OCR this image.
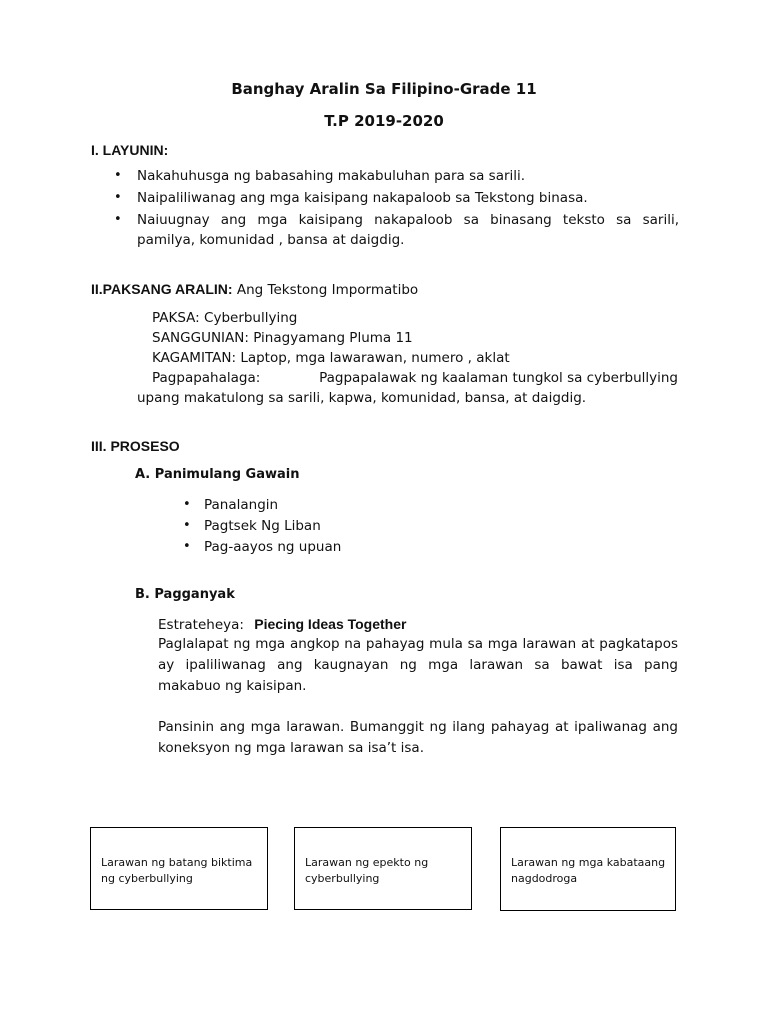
Banghay Aralin Sa Filipino-Grade 11
T.P 2019-2020
I. LAYUNIN:
• Nakahuhusga ng babasahing makabuluhan para sa sarili.
• Naipaliliwanag ang mga kaisipang nakapaloob sa Tekstong binasa.
• Naiuugnay ang mga kaisipang nakapaloob sa binasang teksto sa sarili,
pamilya, komunidad , bansa at daigdig.
II.PAKSANG ARALIN: Ang Tekstong Impormatibo
PAKSA: Cyberbullying
SANGGUNIAN: Pinagyamang Pluma 11
KAGAMITAN: Laptop, mga lawarawan, numero , aklat
Pagpapahalaga:	Pagpapalawak ng kaalaman tungkol sa cyberbullying
upang makatulong sa sarili, kapwa, komunidad, bansa, at daigdig.
III. PROSESO
A. Panimulang Gawain
• Panalangin
• Pagtsek Ng Liban
• Pag-aayos ng upuan
B. Pagganyak
Estrateheya: Piecing Ideas Together
Paglalapat ng mga angkop na pahayag mula sa mga larawan at pagkatapos
ay ipaliliwanag ang kaugnayan ng mga larawan sa bawat isa pang
makabuo ng kaisipan.
Pansinin ang mga larawan. Bumanggit ng ilang pahayag at ipaliwanag ang
koneksyon ng mga larawan sa isa’t isa.
Larawan ng batang biktima ng cyberbullying
Larawan ng epekto ng cyberbullying
Larawan ng mga kabataang nagdodroga
